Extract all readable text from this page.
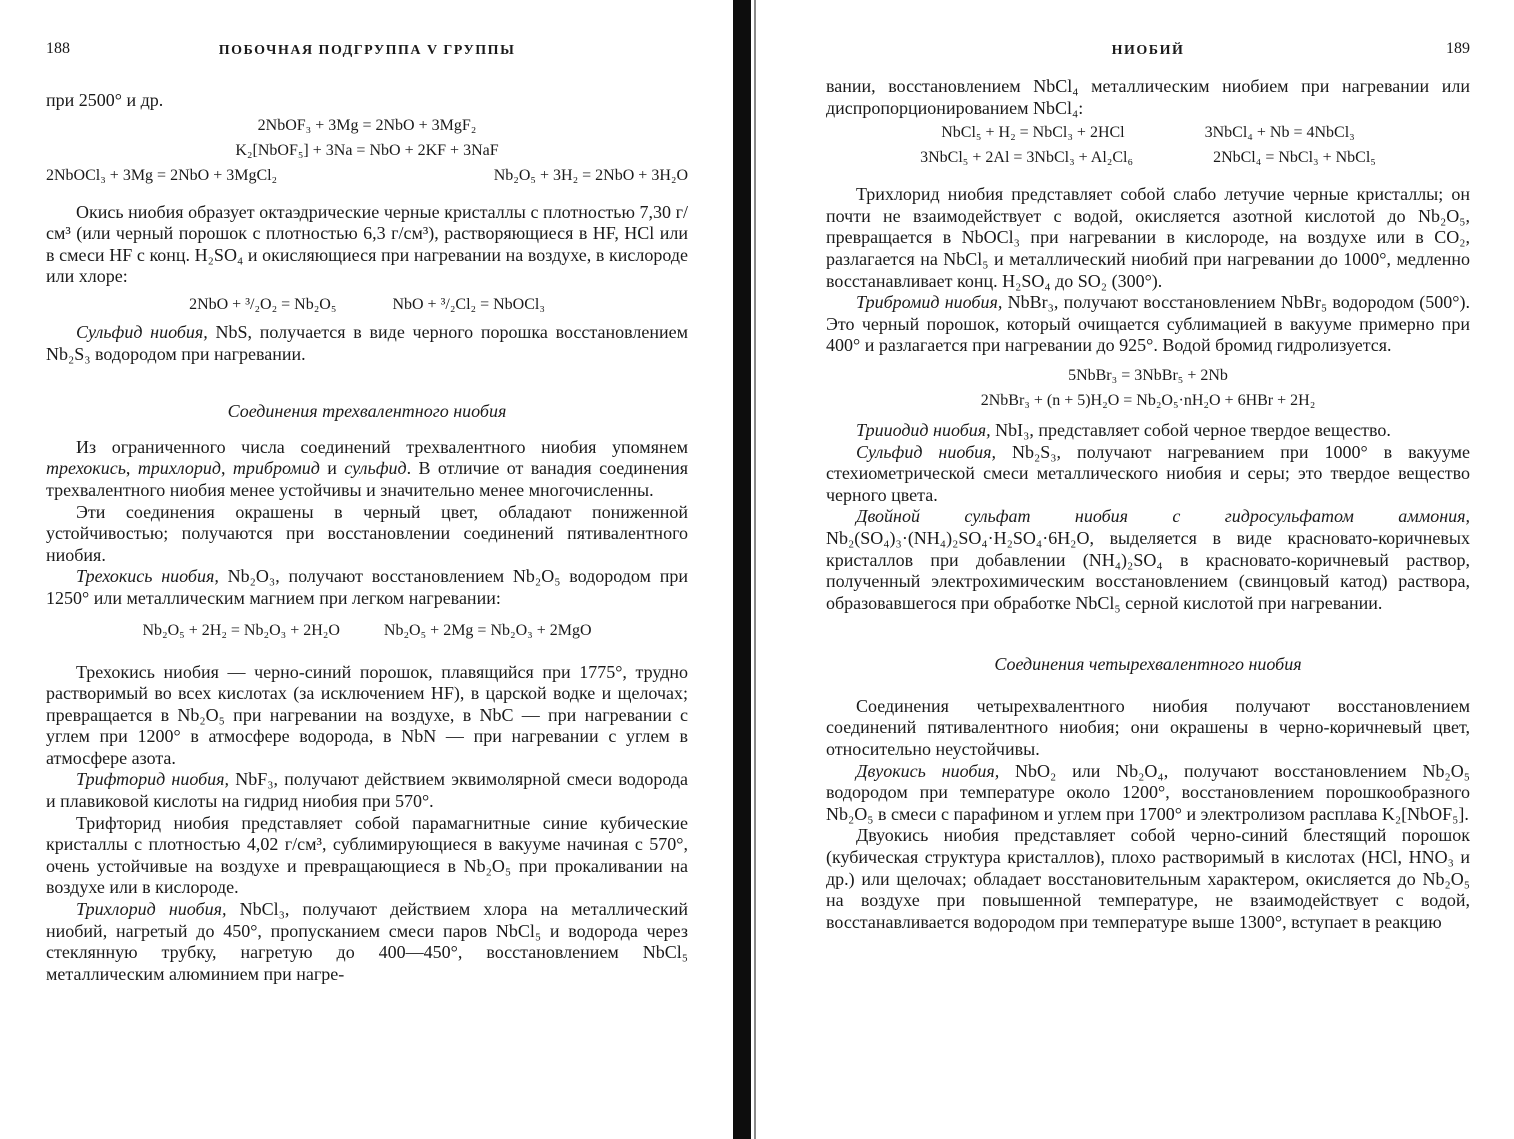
188	ПОБОЧНАЯ ПОДГРУППА V ГРУППЫ

при 2500° и др.

2NbOF₃ + 3Mg = 2NbO + 3MgF₂
K₂[NbOF₅] + 3Na = NbO + 2KF + 3NaF
2NbOCl₃ + 3Mg = 2NbO + 3MgCl₂	Nb₂O₅ + 3H₂ = 2NbO + 3H₂O

Окись ниобия образует октаэдрические черные кристаллы с плотностью 7,30 г/см³ (или черный порошок с плотностью 6,3 г/см³), растворяющиеся в HF, HCl или в смеси HF с конц. H₂SO₄ и окисляющиеся при нагревании на воздухе, в кислороде или хлоре:

2NbO + ³/₂O₂ = Nb₂O₅	NbO + ³/₂Cl₂ = NbOCl₃

Сульфид ниобия, NbS, получается в виде черного порошка восстановлением Nb₂S₃ водородом при нагревании.

Соединения трехвалентного ниобия

Из ограниченного числа соединений трехвалентного ниобия упомянем трехокись, трихлорид, трибромид и сульфид. В отличие от ванадия соединения трехвалентного ниобия менее устойчивы и значительно менее многочисленны.

Эти соединения окрашены в черный цвет, обладают пониженной устойчивостью; получаются при восстановлении соединений пятивалентного ниобия.

Трехокись ниобия, Nb₂O₃, получают восстановлением Nb₂O₅ водородом при 1250° или металлическим магнием при легком нагревании:

Nb₂O₅ + 2H₂ = Nb₂O₃ + 2H₂O	Nb₂O₅ + 2Mg = Nb₂O₃ + 2MgO

Трехокись ниобия — черно-синий порошок, плавящийся при 1775°, трудно растворимый во всех кислотах (за исключением HF), в царской водке и щелочах; превращается в Nb₂O₅ при нагревании на воздухе, в NbC — при нагревании с углем при 1200° в атмосфере водорода, в NbN — при нагревании с углем в атмосфере азота.

Трифторид ниобия, NbF₃, получают действием эквимолярной смеси водорода и плавиковой кислоты на гидрид ниобия при 570°.

Трифторид ниобия представляет собой парамагнитные синие кубические кристаллы с плотностью 4,02 г/см³, сублимирующиеся в вакууме начиная с 570°, очень устойчивые на воздухе и превращающиеся в Nb₂O₅ при прокаливании на воздухе или в кислороде.

Трихлорид ниобия, NbCl₃, получают действием хлора на металлический ниобий, нагретый до 450°, пропусканием смеси паров NbCl₅ и водорода через стеклянную трубку, нагретую до 400—450°, восстановлением NbCl₅ металлическим алюминием при нагре-

НИОБИЙ	189

вании, восстановлением NbCl₄ металлическим ниобием при нагревании или диспропорционированием NbCl₄:

NbCl₅ + H₂ = NbCl₃ + 2HCl	3NbCl₄ + Nb = 4NbCl₃
3NbCl₅ + 2Al = 3NbCl₃ + Al₂Cl₆	2NbCl₄ = NbCl₃ + NbCl₅

Трихлорид ниобия представляет собой слабо летучие черные кристаллы; он почти не взаимодействует с водой, окисляется азотной кислотой до Nb₂O₅, превращается в NbOCl₃ при нагревании в кислороде, на воздухе или в CO₂, разлагается на NbCl₅ и металлический ниобий при нагревании до 1000°, медленно восстанавливает конц. H₂SO₄ до SO₂ (300°).

Трибромид ниобия, NbBr₃, получают восстановлением NbBr₅ водородом (500°). Это черный порошок, который очищается сублимацией в вакууме примерно при 400° и разлагается при нагревании до 925°. Водой бромид гидролизуется.

5NbBr₃ = 3NbBr₅ + 2Nb
2NbBr₃ + (n + 5)H₂O = Nb₂O₅·nH₂O + 6HBr + 2H₂

Трииодид ниобия, NbI₃, представляет собой черное твердое вещество.

Сульфид ниобия, Nb₂S₃, получают нагреванием при 1000° в вакууме стехиометрической смеси металлического ниобия и серы; это твердое вещество черного цвета.

Двойной сульфат ниобия с гидросульфатом аммония, Nb₂(SO₄)₃·(NH₄)₂SO₄·H₂SO₄·6H₂O, выделяется в виде красновато-коричневых кристаллов при добавлении (NH₄)₂SO₄ в красновато-коричневый раствор, полученный электрохимическим восстановлением (свинцовый катод) раствора, образовавшегося при обработке NbCl₅ серной кислотой при нагревании.

Соединения четырехвалентного ниобия

Соединения четырехвалентного ниобия получают восстановлением соединений пятивалентного ниобия; они окрашены в черно-коричневый цвет, относительно неустойчивы.

Двуокись ниобия, NbO₂ или Nb₂O₄, получают восстановлением Nb₂O₅ водородом при температуре около 1200°, восстановлением порошкообразного Nb₂O₅ в смеси с парафином и углем при 1700° и электролизом расплава K₂[NbOF₅].

Двуокись ниобия представляет собой черно-синий блестящий порошок (кубическая структура кристаллов), плохо растворимый в кислотах (HCl, HNO₃ и др.) или щелочах; обладает восстановительным характером, окисляется до Nb₂O₅ на воздухе при повышенной температуре, не взаимодействует с водой, восстанавливается водородом при температуре выше 1300°, вступает в реакцию
